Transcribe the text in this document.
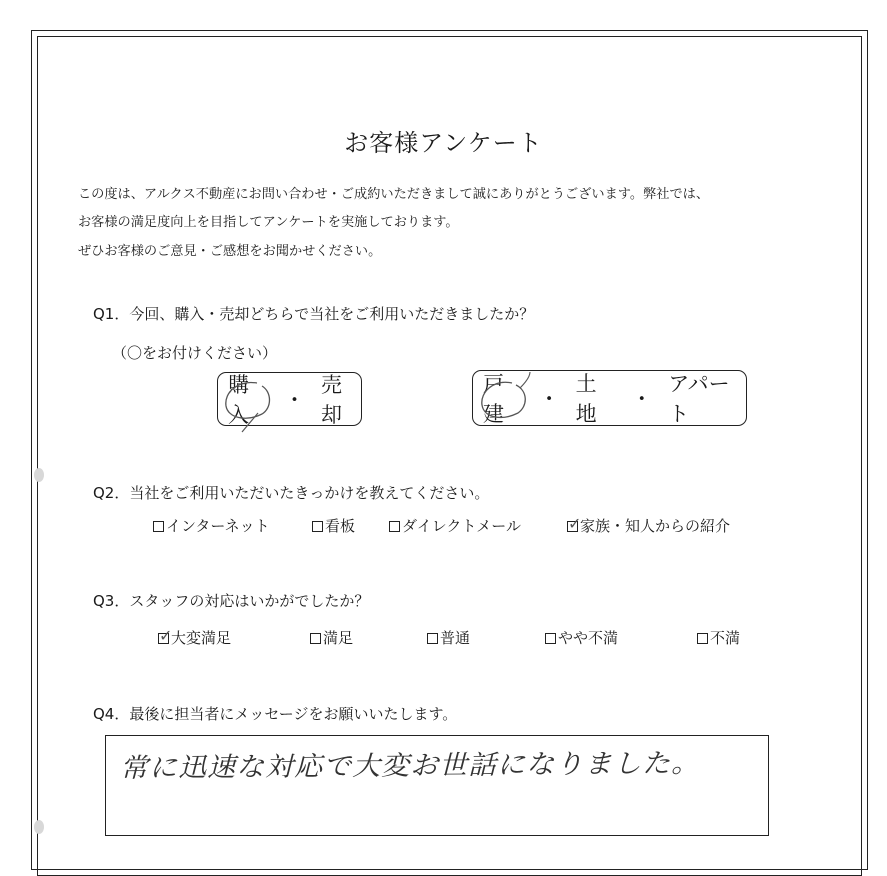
お客様アンケート
この度は、アルクス不動産にお問い合わせ・ご成約いただきまして誠にありがとうございます。弊社では、
お客様の満足度向上を目指してアンケートを実施しております。
ぜひお客様のご意見・ご感想をお聞かせください。
Q1．今回、購入・売却どちらで当社をご利用いただきましたか？
（〇をお付けください）
購入
・
売却
戸建
・
土地
・
アパート
Q2．当社をご利用いただいたきっかけを教えてください。
インターネット	看板	ダイレクトメール	✓
家族・知人からの紹介
Q3．スタッフの対応はいかがでしたか？
✓
大変満足	満足	普通	やや不満	不満
Q4．最後に担当者にメッセージをお願いいたします。
常に迅速な対応で大変お世話になりました。
